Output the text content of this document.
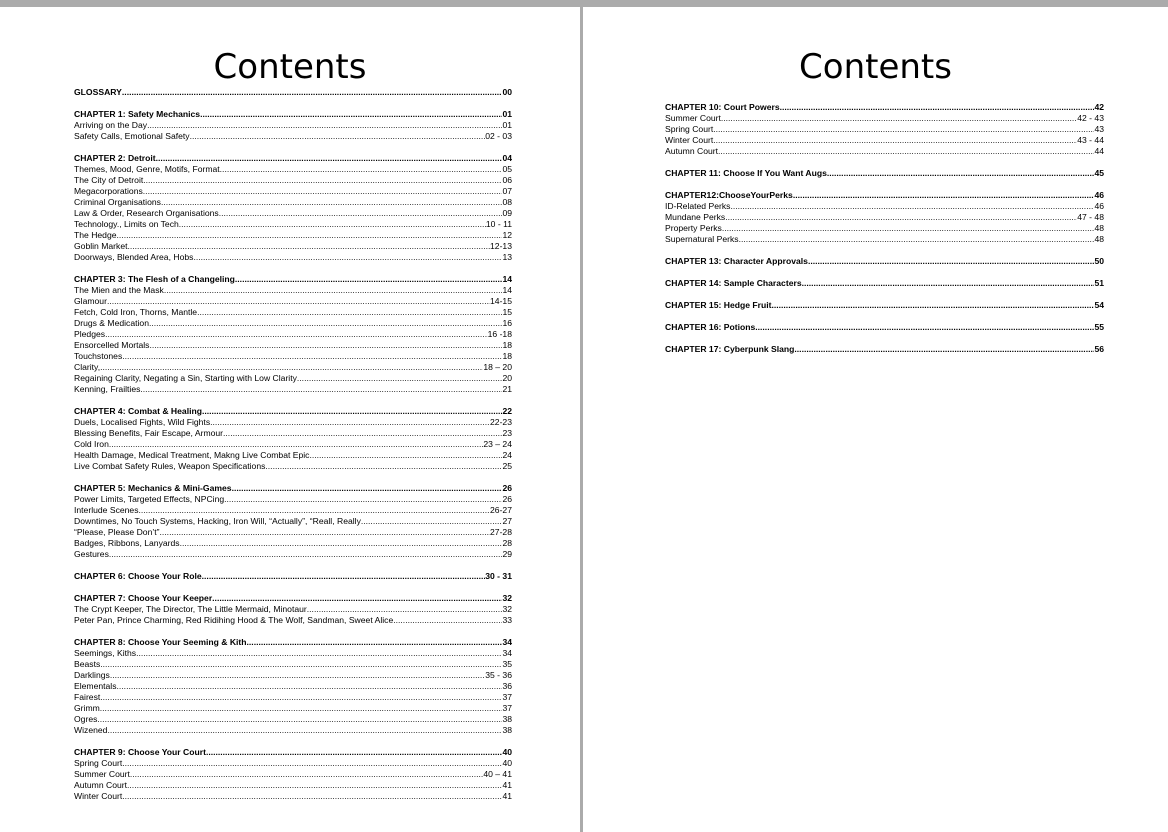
Contents
GLOSSARY .....	00
CHAPTER 1: Safety Mechanics .....	01
Arriving on the Day .....	01
Safety Calls, Emotional Safety .....	02 - 03
CHAPTER 2: Detroit .....	04
Themes, Mood, Genre, Motifs, Format .....	05
The City of Detroit .....	06
Megacorporations .....	07
Criminal Organisations .....	08
Law & Order, Research Organisations .....	09
Technology., Limits on Tech .....	10 - 11
The Hedge .....	12
Goblin Market .....	12-13
Doorways, Blended Area, Hobs .....	13
CHAPTER 3: The Flesh of a Changeling .....	14
The Mien and the Mask .....	14
Glamour .....	14-15
Fetch, Cold Iron, Thorns, Mantle .....	15
Drugs & Medication .....	16
Pledges .....	16 -18
Ensorcelled Mortals .....	18
Touchstones .....	18
Clarity, .....	18 – 20
Regaining Clarity, Negating a Sin, Starting with Low Clarity .....	20
Kenning, Frailties .....	21
CHAPTER 4: Combat & Healing .....	22
Duels, Localised Fights, Wild Fights .....	22-23
Blessing Benefits, Fair Escape, Armour .....	23
Cold Iron .....	23 – 24
Health Damage, Medical Treatment, Makng Live Combat Epic .....	24
Live Combat Safety Rules, Weapon Specifications .....	25
CHAPTER 5: Mechanics & Mini-Games .....	26
Power Limits, Targeted Effects, NPCing .....	26
Interlude Scenes .....	26-27
Downtimes, No Touch Systems, Hacking, Iron Will, “Actually”, “Reall, Really .....	27
“Please, Please Don’t” .....	27-28
Badges, Ribbons, Lanyards .....	28
Gestures .....	29
CHAPTER 6: Choose Your Role .....	30 - 31
CHAPTER 7: Choose Your Keeper .....	32
The Crypt Keeper, The Director, The Little Mermaid, Minotaur .....	32
Peter Pan, Prince Charming, Red Ridihing Hood & The Wolf, Sandman, Sweet Alice .....	33
CHAPTER 8: Choose Your Seeming & Kith .....	34
Seemings, Kiths .....	34
Beasts .....	35
Darklings .....	35 - 36
Elementals .....	36
Fairest .....	37
Grimm .....	37
Ogres .....	38
Wizened .....	38
CHAPTER 9: Choose Your Court .....	40
Spring Court .....	40
Summer Court .....	40 – 41
Autumn Court .....	41
Winter Court .....	41
Contents
CHAPTER 10: Court Powers .....	42
Summer Court .....	42 - 43
Spring Court .....	43
Winter Court .....	43 - 44
Autumn Court .....	44
CHAPTER 11: Choose If You Want Augs .....	45
CHAPTER12:ChooseYourPerks .....	46
ID-Related Perks .....	46
Mundane Perks .....	47 - 48
Property Perks .....	48
Supernatural Perks .....	48
CHAPTER 13: Character Approvals .....	50
CHAPTER 14: Sample Characters .....	51
CHAPTER 15: Hedge Fruit .....	54
CHAPTER 16: Potions .....	55
CHAPTER 17: Cyberpunk Slang .....	56
